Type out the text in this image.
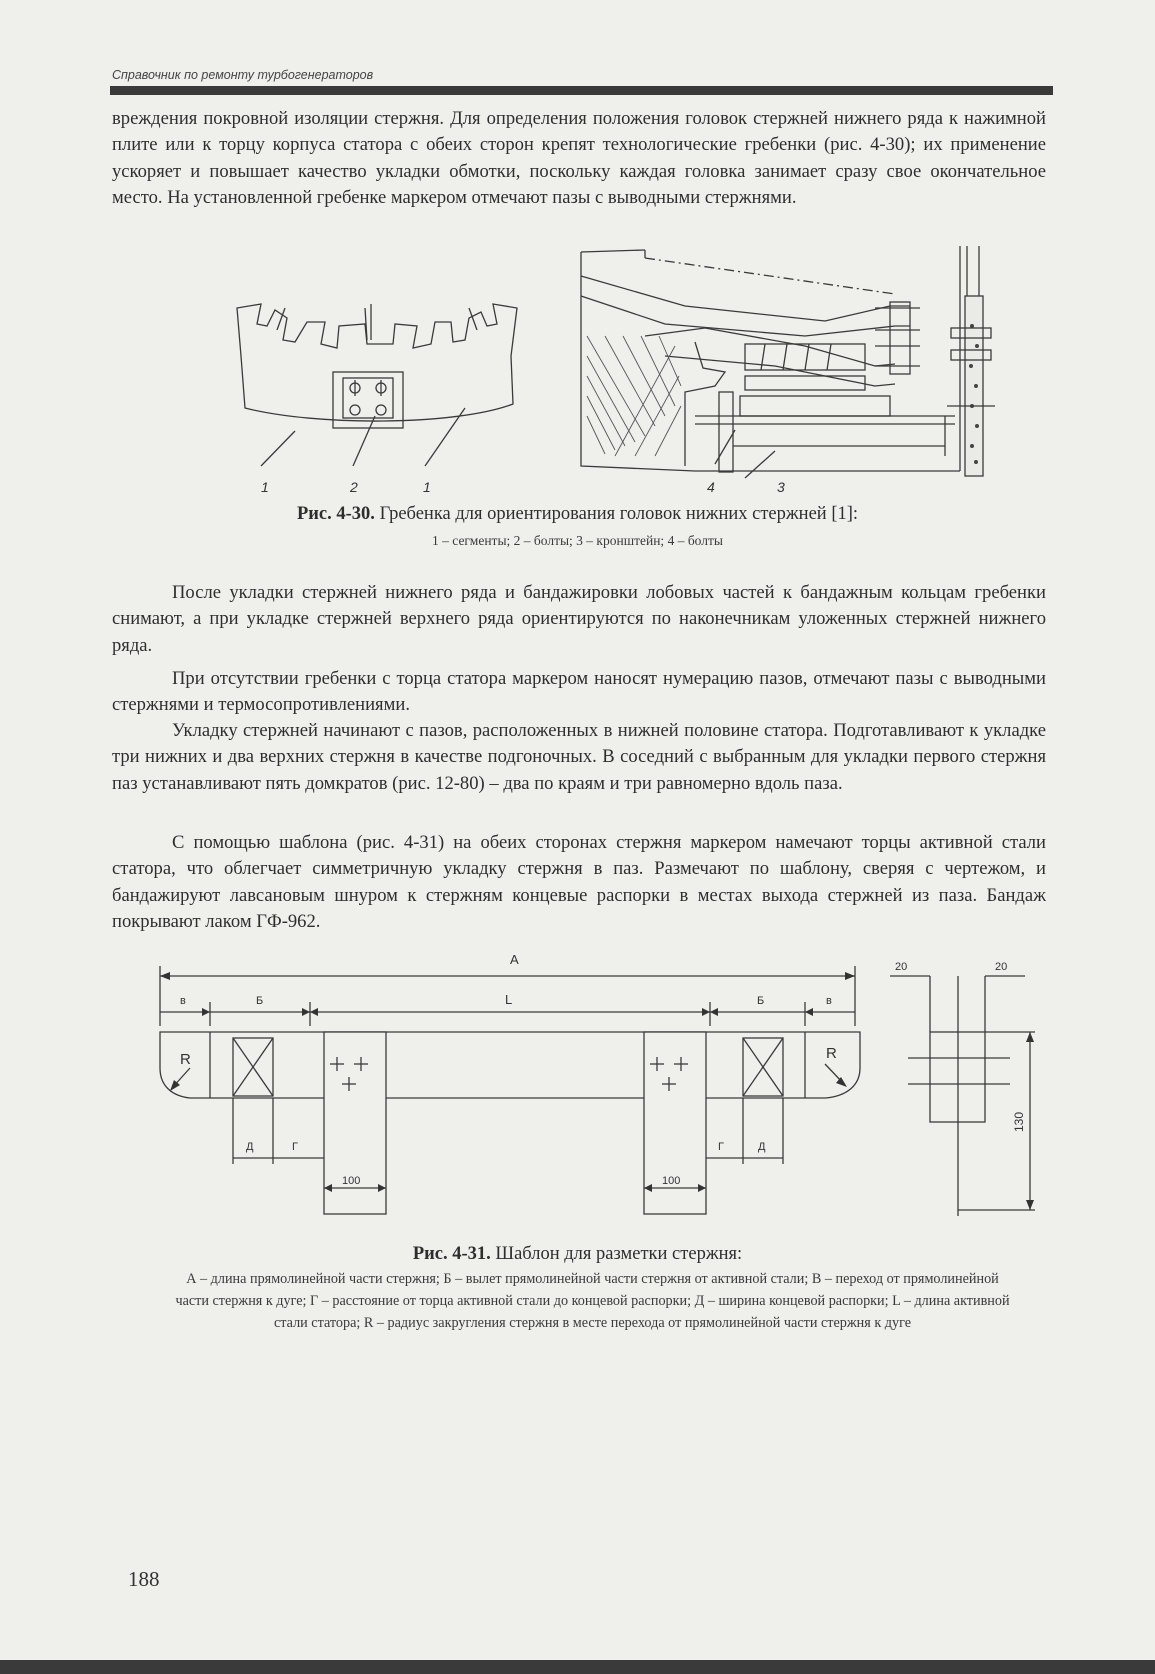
Справочник по ремонту турбогенераторов

вреждения покровной изоляции стержня. Для определения положения головок стержней нижнего ряда к нажимной плите или к торцу корпуса статора с обеих сторон крепят технологические гребенки (рис. 4-30); их применение ускоряет и повышает качество укладки обмотки, поскольку каждая головка занимает сразу свое окончательное место. На установленной гребенке маркером отмечают пазы с выводными стержнями.

1	2	1	4	3

Рис. 4-30. Гребенка для ориентирования головок нижних стержней [1]:

1 – сегменты; 2 – болты; 3 – кронштейн; 4 – болты

После укладки стержней нижнего ряда и бандажировки лобовых частей к бандажным кольцам гребенки снимают, а при укладке стержней верхнего ряда ориентируются по наконечникам уложенных стержней нижнего ряда.

При отсутствии гребенки с торца статора маркером наносят нумерацию пазов, отмечают пазы с выводными стержнями и термосопротивлениями.

Укладку стержней начинают с пазов, расположенных в нижней половине статора. Подготавливают к укладке три нижних и два верхних стержня в качестве подгоночных. В соседний с выбранным для укладки первого стержня паз устанавливают пять домкратов (рис. 12-80) – два по краям и три равномерно вдоль паза.

С помощью шаблона (рис. 4-31) на обеих сторонах стержня маркером намечают торцы активной стали статора, что облегчает симметричную укладку стержня в паз. Размечают по шаблону, сверяя с чертежом, и бандажируют лавсановым шнуром к стержням концевые распорки в местах выхода стержней из паза. Бандаж покрывают лаком ГФ-962.

A
в	Б	L	Б	в
R	R
Д	Г	Г	Д
100	100
20	20
130

Рис. 4-31. Шаблон для разметки стержня:

А – длина прямолинейной части стержня; Б – вылет прямолинейной части стержня от активной стали; В – переход от прямолинейной части стержня к дуге; Г – расстояние от торца активной стали до концевой распорки; Д – ширина концевой распорки; L – длина активной стали статора; R – радиус закругления стержня в месте перехода от прямолинейной части стержня к дуге

188
